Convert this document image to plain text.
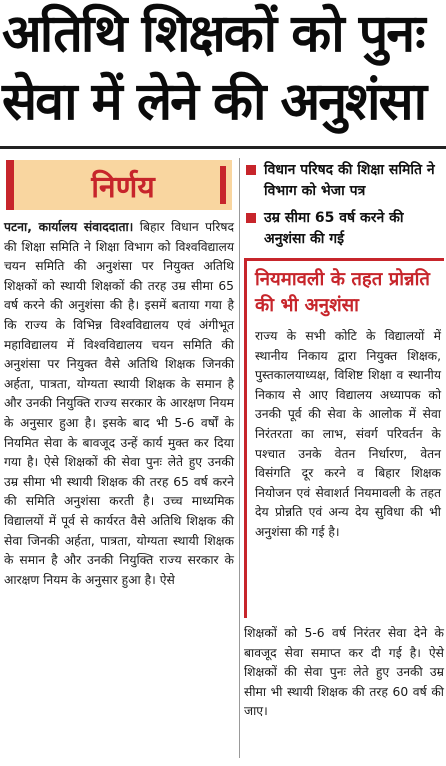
अतिथि शिक्षकों को पुनः
सेवा में लेने की अनुशंसा
निर्णय
पटना, कार्यालय संवाददाता। बिहार विधान परिषद की शिक्षा समिति ने शिक्षा विभाग को विश्वविद्यालय चयन समिति की अनुशंसा पर नियुक्त अतिथि शिक्षकों को स्थायी शिक्षकों की तरह उम्र सीमा 65 वर्ष करने की अनुशंसा की है। इसमें बताया गया है कि राज्य के विभिन्न विश्वविद्यालय एवं अंगीभूत महाविद्यालय में विश्वविद्यालय चयन समिति की अनुशंसा पर नियुक्त वैसे अतिथि शिक्षक जिनकी अर्हता, पात्रता, योग्यता स्थायी शिक्षक के समान है और उनकी नियुक्ति राज्य सरकार के आरक्षण नियम के अनुसार हुआ है। इसके बाद भी 5-6 वर्षों के नियमित सेवा के बावजूद उन्हें कार्य मुक्त कर दिया गया है। ऐसे शिक्षकों की सेवा पुनः लेते हुए उनकी उम्र सीमा भी स्थायी शिक्षक की तरह 65 वर्ष करने की समिति अनुशंसा करती है। उच्च माध्यमिक विद्यालयों में पूर्व से कार्यरत वैसे अतिथि शिक्षक की सेवा जिनकी अर्हता, पात्रता, योग्यता स्थायी शिक्षक के समान है और उनकी नियुक्ति राज्य सरकार के आरक्षण नियम के अनुसार हुआ है। ऐसे
विधान परिषद की शिक्षा समिति ने विभाग को भेजा पत्र
उम्र सीमा 65 वर्ष करने की अनुशंसा की गई
नियमावली के तहत प्रोन्नति की भी अनुशंसा
राज्य के सभी कोटि के विद्यालयों में स्थानीय निकाय द्वारा नियुक्त शिक्षक, पुस्तकालयाध्यक्ष, विशिष्ट शिक्षा व स्थानीय निकाय से आए विद्यालय अध्यापक को उनकी पूर्व की सेवा के आलोक में सेवा निरंतरता का लाभ, संवर्ग परिवर्तन के पश्चात उनके वेतन निर्धारण, वेतन विसंगति दूर करने व बिहार शिक्षक नियोजन एवं सेवाशर्त नियमावली के तहत देय प्रोन्नति एवं अन्य देय सुविधा की भी अनुशंसा की गई है।
शिक्षकों को 5-6 वर्ष निरंतर सेवा देने के बावजूद सेवा समाप्त कर दी गई है। ऐसे शिक्षकों की सेवा पुनः लेते हुए उनकी उम्र सीमा भी स्थायी शिक्षक की तरह 60 वर्ष की जाए।
